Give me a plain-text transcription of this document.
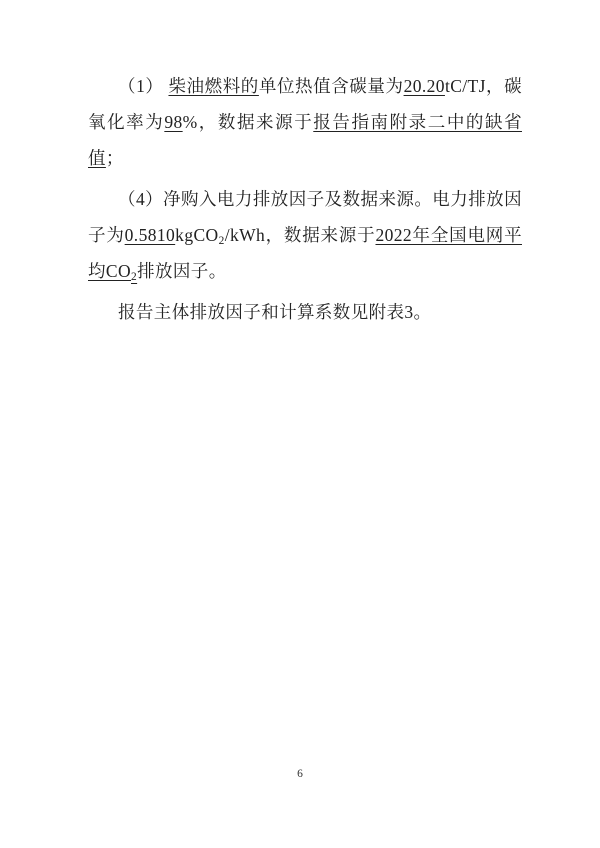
（1） 柴油燃料的单位热值含碳量为20.20tC/TJ，碳氧化率为98%，数据来源于报告指南附录二中的缺省值；

（4）净购入电力排放因子及数据来源。电力排放因子为0.5810kgCO$_2$/kWh，数据来源于2022年全国电网平均$CO_2$排放因子。

报告主体排放因子和计算系数见附表3。

6
